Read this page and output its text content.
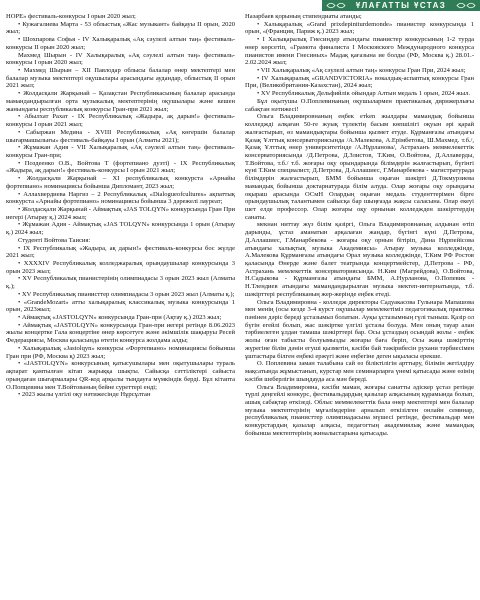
ҰЛАҒАТТЫ ҰСТАЗ

НОРЕ» фестиваль-конкурсы І орын 2020 жыл;

• Кужагалиева Марта - 53 облыстық «Жас музыкант» байқауы ІІ орын, 2020 жыл;

• Шохпарова Софья - IV Халықаралық «Ақ сәулелі алтын таң» фестиваль-конкурсы ІІ орын 2020 жыл;

Махмед Шырын - IV Халықаралық «Ақ сәулелі алтын таң» фестиваль-конкурсы І орын 2020 жыл;

• Махмед Шырын – XII Павлодар облысы балалар өнер мектептері мен балалар музыка мектептері оқушылары арасындағы аудандар, облыстық ІІ орын 2021 жыл;

• Жолдасқали Жарқынай – Қазақстан Республикасының балалар арасында мамандандырылған орта музыкалық мектептерінің оқушылары және кешен жанындағы республикалық конкурсы Гран-при 2021 жыл;

• Абылхат Рахат - IX Республикалық «Жадыра, ақ дарын!» фестиваль-конкурсы І орын 2021 жыл;

• Сабыржан Медина - XVIII Республикалық «Ақ көгершін балалар шығармашылығы» фестиваль-байқауы І орын (Алматы 2021);

• Жұмажан Адия - VII Халықаралық «Ақ сәулелі алтын таң» фестиваль-конкурсы Гран-при;

• Поздеенко О.В., Войтова Т (фортепиано дуэті) - IX Республикалық «Жадыра, ақ дарын!» фестиваль-конкурсы І орын 2021 жыл;

• Жолдасқали Жарқынай – ХІ республикалық конкурста «Арнайы фортепиано» номинациясы бойынша Дипломант, 2023 жыл;

• Аллахвердиева Наргиз – 2 Республикалық «Dialogueofcultures» ақпаттық конкурста «Арнайы фортепиано» номинациясы бойынша 3 дәрежелі лауреат;

• Жолдасқали Жарқынай - Аймақтық «JAS TOLQYN» конкурсында Гран При иегері (Атырау қ.) 2024 жыл;

• Жұмажан Адия - Аймақтық «JAS TOLQYN» конкурсында 1 орын (Атырау қ.) 2024 жыл;

Студенті Войтова Таисия:

• IX Республикалық «Жадыра, ақ дарын!» фестиваль-конкурсы бос жүлде 2021 жыл;

• XXXXIV Республикалық колледжаралық орындаушылар конкурсында 3 орын 2023 жыл;

• XV Республикалық пианистерінің олимпиадасы 3 орын 2023 жыл (Алматы қ.);

• XV Республикалық пианисттер олимпиадасы 3 орын 2023 жыл (Алматы қ.);

• «GrandeMozart» атты халықаралық классикалық музыка конкурсында 1 орын, 2023жыл;

• Аймақтық «JASTOLQYN» конкурсында Гран-при (Ақтау қ.) 2023 жыл;

• Аймақтық «JASTOLQYN» конкурсында Гран-при иегері ретінде 8.06.2023 жылы концертке Гала концертіне өнер көрсетуге және әкімшілік шақыруы Ресей Федерациясы, Москва қаласында өтетін конкурса жолдама алды;

• Халықаралық «Jastolqyn» конкурсы «Фортепиано» номинациясы бойынша Гран при (РФ, Москва қ) 2023 жыл;

• «JASTOLQYN» конкурсының қатысушылары мен оқытушылары тураль ақпарат қамтылған кітап жарыққа шықты. Сайысқа сәттіліктері сайыста орындаған шығармалары QR-код арқылы тыңдауға мүмкіндік берді. Бұл кітапта О.Попцевина мен Т.Войтованың бейне суреттері енді;

• 2023 жылы үлгілі оқу нәтижесінде Нұрсұлтан

Назарбаев қорының стипендиаты атанды;

• Халықаралық «Grand prixdepiniturdemonde» пианистер конкурсында 1 орын, «(Франция, Париж қ.) 2023 жыл;

• І Халықаралық Гнесиндер атындағы пианистер конкурсының 1-2 турда өнер көрсетіп, «Грамота финалиста І Московского Международного конкурса пианистов имени Гнесиных» Мадақ қағазына ие болды (РФ, Москва қ.) 28.01.- 2.02.2024 жыл;

• VII Халықаралық «Ақ сәулелі алтын таң» конкурсы Гран При, 2024 жыл;

• IV Халықаралық «GRANDVICTORIA» вокалдық-аспаптық конкурсы Гран При, (Великобритания-Казахстан), 2024 жыл;

• XV Республикалық Дельфийлік ойындар Алтын медаль 1 орын, 2024 жыл.

Бұл оқытушы О.Поплевинаның оқушылармен практикалық дирижерлығы сабақтан нәтижесі!

Ольга Владимировнаның еңбек етken жылдары мамандық бойынша колледжді алқаған 50-ге жуық түлектің басым көпшілігі оқуын әрі қарай жалғастырып, өз мамандықтары бойынша қызмет етуде. Құрманғазы атындағы Қазақ Ұлттық консерваториясында /А.Малекова, А.Ерімбетова, Ш.Махмед. т.б./, Қазақ Ұлттық өнер университетінде /А.Нұрланова/, Астраханъ меммелекеттік консерваториясында /Д.Петрова, Д.Злистов, Т.Ким, О.Войтова, Д.Аллаверды, Т.Войтова, т.б./ т.б. жоғары оқу орындарында білімдерін жалғастырып, бүгінгі күні Т.Ким специалист, Д.Петрова, Д.Аллашиес, Г.Манарбекова - магистратурада білімдерін жалғастырып, БММ бойынша оқыған шәкірті Д.Токмурзиева мамандық бойынша доктарнатурада білім алуда. Олар жоғары оқу орындағы оқыраш арасында ОСмН Олардың оқыған медаль студенттерімен бірге орындаушылық талантымен сайысқа бар шыңғаэда жақсы саласына. Олар екеуі шет елде профессор. Олар жоғары оқу орнынан колледжден шәкірттердің санаты.

мекнан ниттау жүз білім қазіргі, Ольга Владимировнаның алдынан өтіп дарынды, ұстаз аманатын арқалаған жандар, бүгінгі күні Д.Петрова, Д.Аллашиес, Г.Манарбекова - жоғары оқу орнын бітіріп, Дина Нұрпейісова атындағы халықтық музыка Академиясы» Атырау музыка колледжінде, А.Малекова Құрманғазы атындағы Орал музыка колледжінде, Т.Ким РФ Ростов қаласында Өнерде және балет театрында концертмейстер, Д.Петрова - РФ, Астрахань мемлекеттік консерваториясында. Н.Ким (Магрейдова), О.Войтова, Н.Садыкова - Құрманғазы атындағы БММ, А.Нурланова, О.Попевик - Н.Тлендиев атындағы мамандандырылған музыка мектеп-интернатында, т.б. шәкірттері республиканың жер-жерінде еңбек етеді.

Ольга Владимировна - колледж директоры Садуакасова Гульнара Мапашова мен менің (осы кезде 3-4 курст оқушылар мемлекетіміз педагогикалық практика пәнінен дәріс береді ұстазымыз болатын. Ауқы ұстазымның гүлі тыныш. Қазір ол бүгін егейлі болып, жас шәкіртке үлгілі ұстазы болуда. Мен оның тауар алан тәрбиелеген ұлдан тамаша шәкірттері бар. Осы ұстаздың осындай жолы - еңбек жолы оған табысты болуымызды жоғары баға беріп, Осы жаңа шәкірттің жүрегіне білім дәнін егуші қызметін, кәсіби бай тәжірибесін рухани тәрбиесімен ұштастыра білген еңбекі ержүгі және еңбегіне деген ықыласы ерекше.

О. Поплевина заман талабына сай өз біліктілігін арттыру, білімін жетілдіру мақсатында жұмыстанып, курстар мен семинарларға үнемі қатысады және өзінің кәсіби шеберлігін шыңдауда аса мән береді.

Ольга Владимировна, кәсіби маман, жоғары санатты әдіскер ұстаз ретінде түрлі деңгейлі конкурс, фестивальдардың қазылар алқасының құрамында болып, ашық сабақтар өткізеді. Облыс меммелекеттік бала өнер мектептері мен балалар музыка мектептерінің мұғалімдеріне арналып өткізілген онлайн семинар, республикалық пианисттер олимпиадасына мүшесі ретінде, фестивальдар мен конкурстардың қазылар алқасы, педагогтың академиялық және мамандық бойынша мектептерінің жиналыстарына қатысады.
